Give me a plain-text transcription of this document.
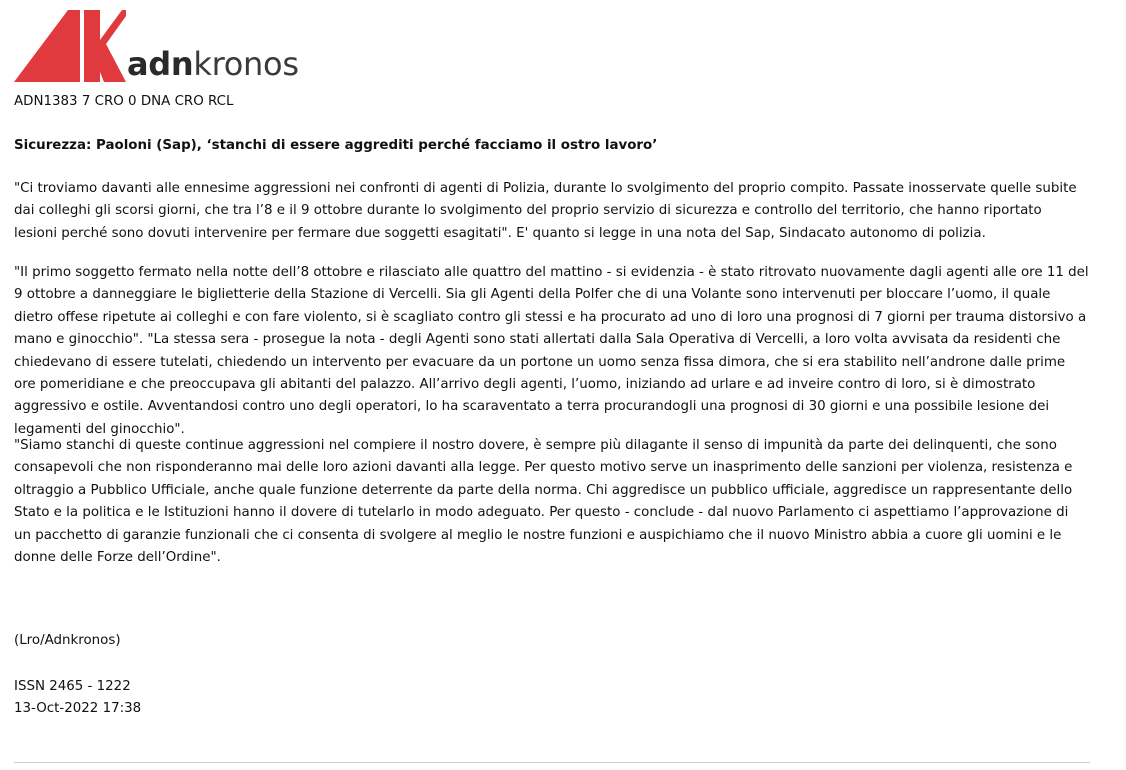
adnkronos
ADN1383 7 CRO 0 DNA CRO RCL
Sicurezza: Paoloni (Sap), ‘stanchi di essere aggrediti perché facciamo il ostro lavoro’

"Ci troviamo davanti alle ennesime aggressioni nei confronti di agenti di Polizia, durante lo svolgimento del proprio compito. Passate inosservate quelle subite dai colleghi gli scorsi giorni, che tra l’8 e il 9 ottobre durante lo svolgimento del proprio servizio di sicurezza e controllo del territorio, che hanno riportato lesioni perché sono dovuti intervenire per fermare due soggetti esagitati". E' quanto si legge in una nota del Sap, Sindacato autonomo di polizia.

"Il primo soggetto fermato nella notte dell’8 ottobre e rilasciato alle quattro del mattino - si evidenzia - è stato ritrovato nuovamente dagli agenti alle ore 11 del 9 ottobre a danneggiare le biglietterie della Stazione di Vercelli. Sia gli Agenti della Polfer che di una Volante sono intervenuti per bloccare l’uomo, il quale dietro offese ripetute ai colleghi e con fare violento, si è scagliato contro gli stessi e ha procurato ad uno di loro una prognosi di 7 giorni per trauma distorsivo a mano e ginocchio". "La stessa sera - prosegue la nota - degli Agenti sono stati allertati dalla Sala Operativa di Vercelli, a loro volta avvisata da residenti che chiedevano di essere tutelati, chiedendo un intervento per evacuare da un portone un uomo senza fissa dimora, che si era stabilito nell’androne dalle prime ore pomeridiane e che preoccupava gli abitanti del palazzo. All’arrivo degli agenti, l’uomo, iniziando ad urlare e ad inveire contro di loro, si è dimostrato aggressivo e ostile. Avventandosi contro uno degli operatori, lo ha scaraventato a terra procurandogli una prognosi di 30 giorni e una possibile lesione dei legamenti del ginocchio".

"Siamo stanchi di queste continue aggressioni nel compiere il nostro dovere, è sempre più dilagante il senso di impunità da parte dei delinquenti, che sono consapevoli che non risponderanno mai delle loro azioni davanti alla legge. Per questo motivo serve un inasprimento delle sanzioni per violenza, resistenza e oltraggio a Pubblico Ufficiale, anche quale funzione deterrente da parte della norma. Chi aggredisce un pubblico ufficiale, aggredisce un rappresentante dello Stato e la politica e le Istituzioni hanno il dovere di tutelarlo in modo adeguato. Per questo - conclude - dal nuovo Parlamento ci aspettiamo l’approvazione di un pacchetto di garanzie funzionali che ci consenta di svolgere al meglio le nostre funzioni e auspichiamo che il nuovo Ministro abbia a cuore gli uomini e le donne delle Forze dell’Ordine".

(Lro/Adnkronos)
ISSN 2465 - 1222
13-Oct-2022 17:38
